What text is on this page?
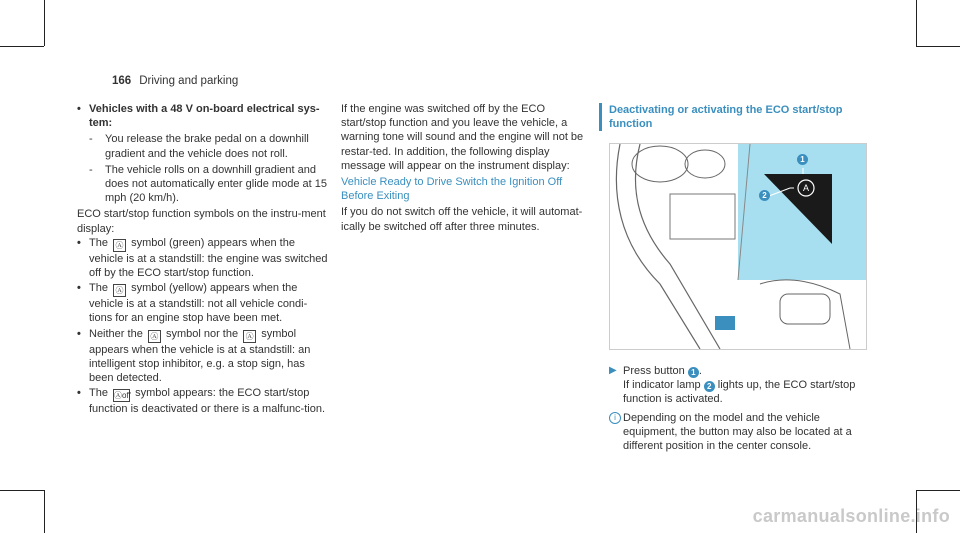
166 Driving and parking
• Vehicles with a 48 V on-board electrical sys-tem:
- You release the brake pedal on a downhill gradient and the vehicle does not roll.
- The vehicle rolls on a downhill gradient and does not automatically enter glide mode at 15 mph (20 km/h).

ECO start/stop function symbols on the instru-ment display:

• The Ⓐ symbol (green) appears when the vehicle is at a standstill: the engine was switched off by the ECO start/stop function.
• The Ⓐ symbol (yellow) appears when the vehicle is at a standstill: not all vehicle condi-tions for an engine stop have been met.
• Neither the Ⓐ symbol nor the Ⓐ symbol appears when the vehicle is at a standstill: an intelligent stop inhibitor, e.g. a stop sign, has been detected.
• The Ⓐoff symbol appears: the ECO start/stop function is deactivated or there is a malfunc-tion.

If the engine was switched off by the ECO start/stop function and you leave the vehicle, a warning tone will sound and the engine will not be restar-ted. In addition, the following display message will appear on the instrument display:

Vehicle Ready to Drive Switch the Ignition Off Before Exiting

If you do not switch off the vehicle, it will automat-ically be switched off after three minutes.

Deactivating or activating the ECO start/stop function
A
1
2
▶ Press button 1 .
If indicator lamp 2 lights up, the ECO start/stop function is activated.
i Depending on the model and the vehicle equipment, the button may also be located at a different position in the center console.
carmanualsonline.info
